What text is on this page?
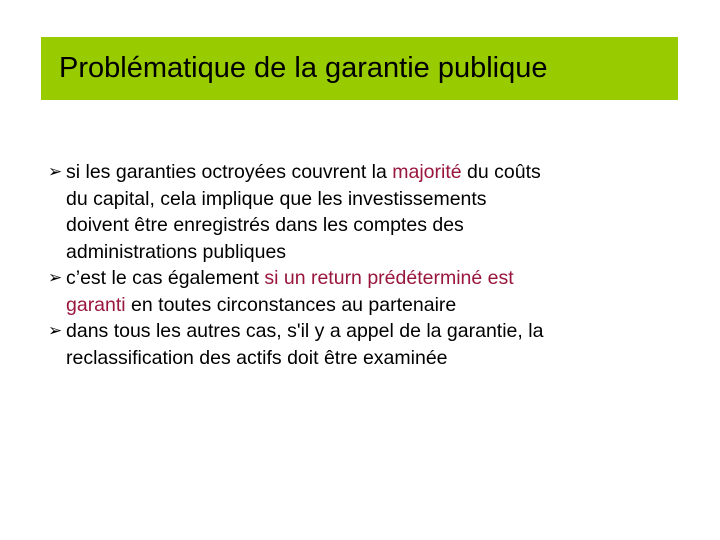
Problématique de la garantie publique
➢ si les garanties octroyées couvrent la majorité du coûts
du capital, cela implique que les investissements
doivent être enregistrés dans les comptes des
administrations publiques
➢ c’est le cas également si un return prédéterminé est
garanti en toutes circonstances au partenaire
➢ dans tous les autres cas, s'il y a appel de la garantie, la
reclassification des actifs doit être examinée
